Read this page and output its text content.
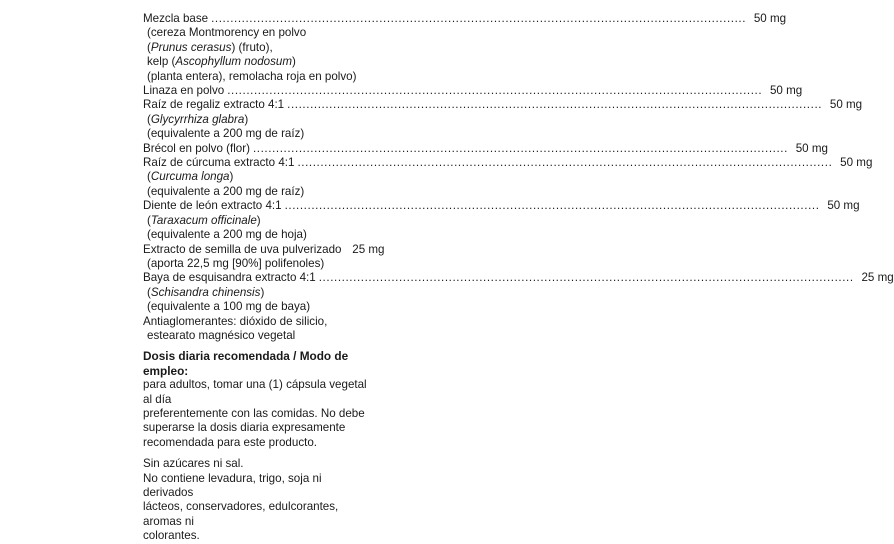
Mezcla base ............................................................................................................................................ 50 mg
(cereza Montmorency en polvo
(Prunus cerasus) (fruto),
kelp (Ascophyllum nodosum)
(planta entera), remolacha roja en polvo)
Linaza en polvo ............................................................................................................................................ 50 mg
Raíz de regaliz extracto 4:1 ............................................................................................................................................ 50 mg
(Glycyrrhiza glabra)
(equivalente a 200 mg de raíz)
Brécol en polvo (flor) ............................................................................................................................................ 50 mg
Raíz de cúrcuma extracto 4:1 ............................................................................................................................................ 50 mg
(Curcuma longa)
(equivalente a 200 mg de raíz)
Diente de león extracto 4:1 ............................................................................................................................................ 50 mg
(Taraxacum officinale)
(equivalente a 200 mg de hoja)
Extracto de semilla de uva pulverizado 25 mg
(aporta 22,5 mg [90%] polifenoles)
Baya de esquisandra extracto 4:1 ............................................................................................................................................ 25 mg
(Schisandra chinensis)
(equivalente a 100 mg de baya)
Antiaglomerantes: dióxido de silicio,
estearato magnésico vegetal
Dosis diaria recomendada / Modo de empleo:
para adultos, tomar una (1) cápsula vegetal al día
preferentemente con las comidas. No debe
superarse la dosis diaria expresamente
recomendada para este producto.
Sin azúcares ni sal.
No contiene levadura, trigo, soja ni derivados
lácteos, conservadores, edulcorantes, aromas ni
colorantes.
